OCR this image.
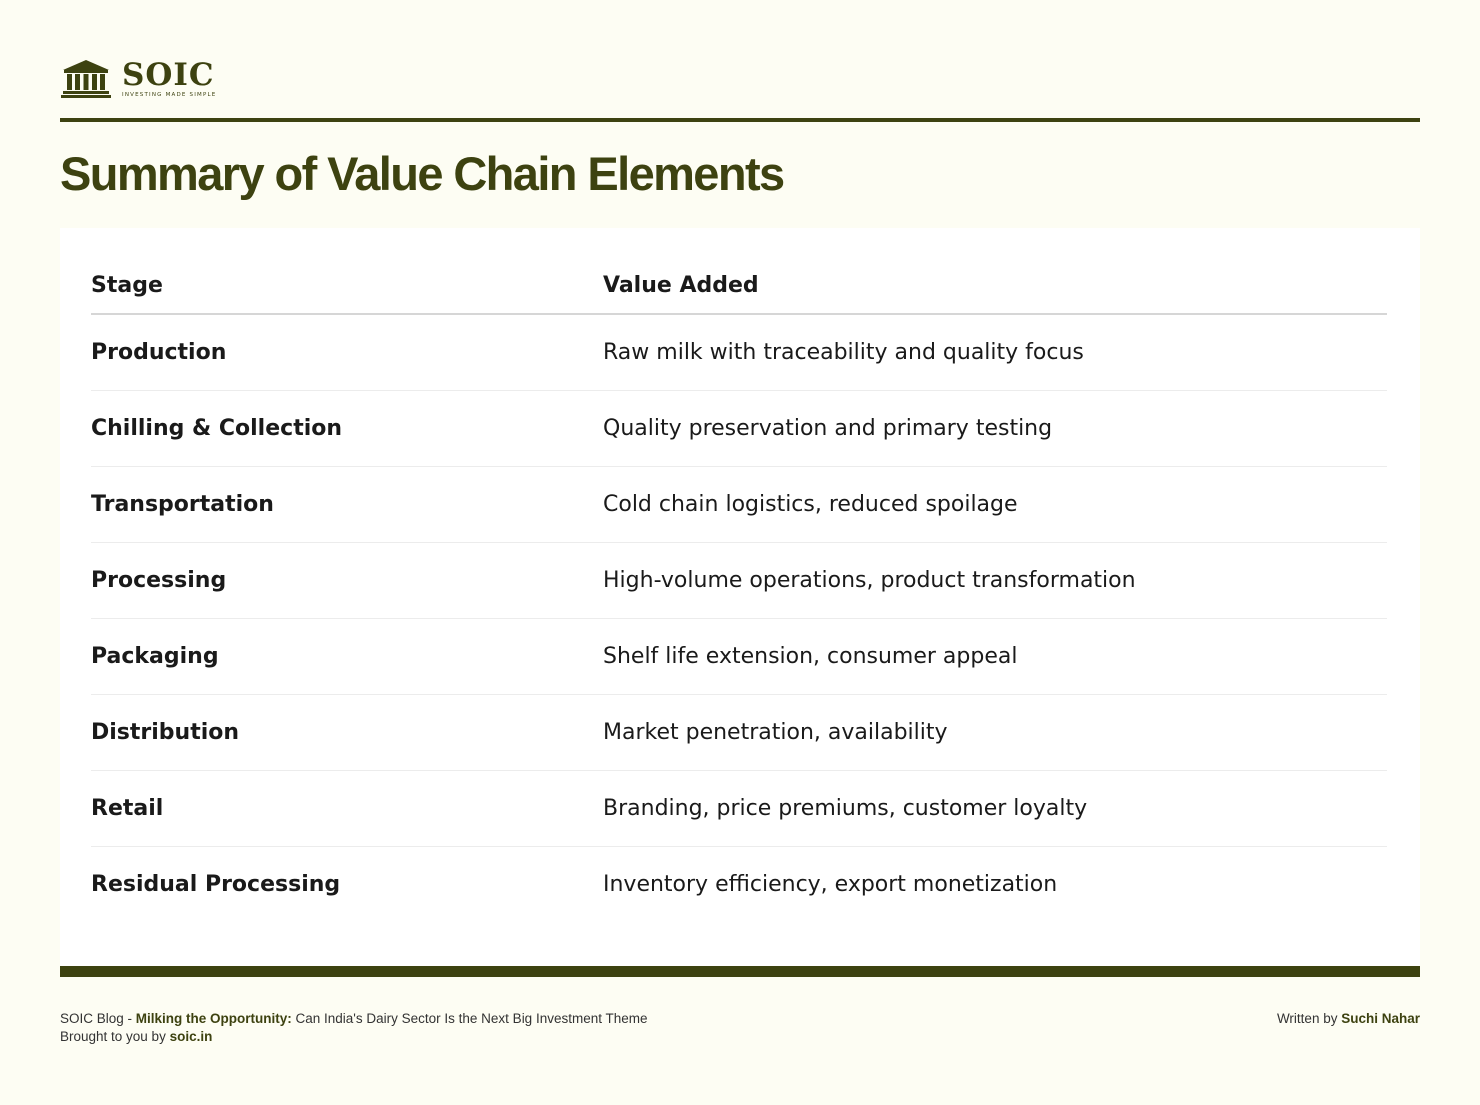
SOIC
INVESTING MADE SIMPLE
Summary of Value Chain Elements
Stage	Value Added
Production	Raw milk with traceability and quality focus
Chilling & Collection	Quality preservation and primary testing
Transportation	Cold chain logistics, reduced spoilage
Processing	High-volume operations, product transformation
Packaging	Shelf life extension, consumer appeal
Distribution	Market penetration, availability
Retail	Branding, price premiums, customer loyalty
Residual Processing	Inventory efficiency, export monetization
SOIC Blog - Milking the Opportunity: Can India's Dairy Sector Is the Next Big Investment Theme
Brought to you by soic.in
Written by Suchi Nahar
